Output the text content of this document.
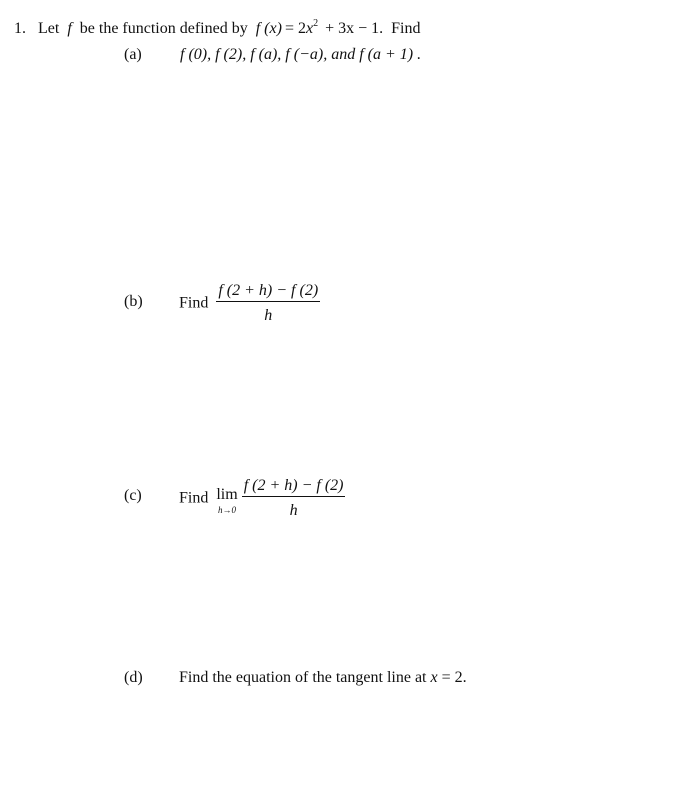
1. Let f be the function defined by f $(x) = 2x^2 + 3x - 1$. Find
(a) f (0), f (2), f (a), f (−a), and f (a + 1) .
(b) Find $\frac{f (2 + h) - f (2)}{h}$
(c) Find lim
h→0
$\frac{f (2 + h) - f (2)}{h}$
(d) Find the equation of the tangent line at x = 2.
